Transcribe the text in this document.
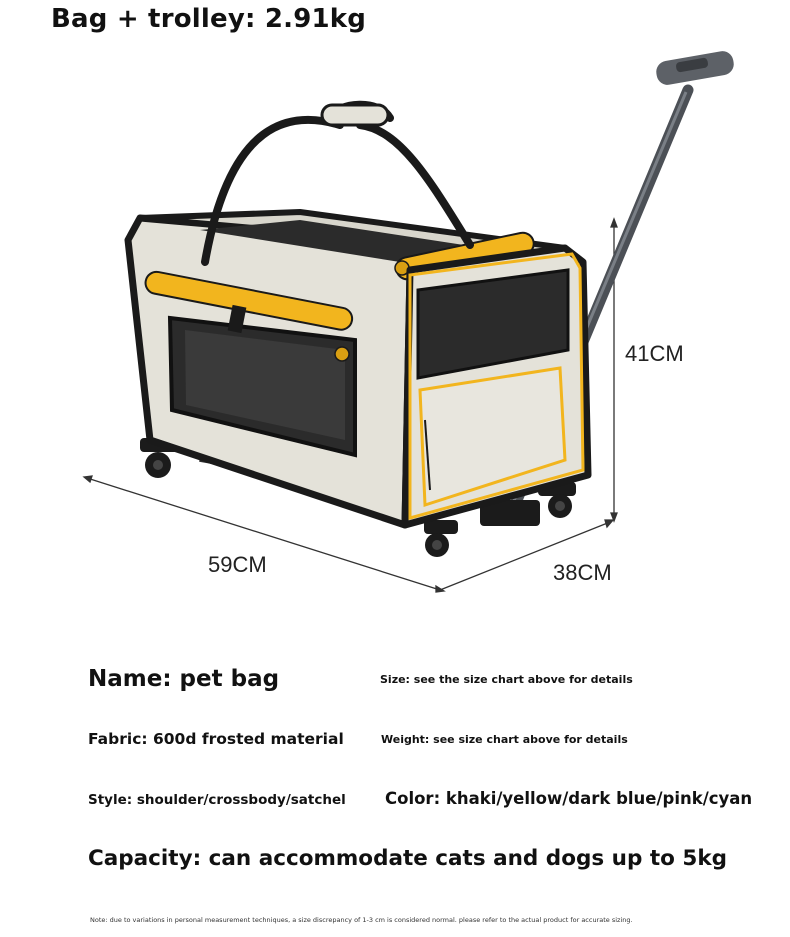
Bag + trolley: 2.91kg
41CM
59CM	38CM
Name: pet bag	Size: see the size chart above for details
Fabric: 600d frosted material	Weight: see size chart above for details
Style: shoulder/crossbody/satchel Color: khaki/yellow/dark blue/pink/cyan
Capacity: can accommodate cats and dogs up to 5kg
Note: due to variations in personal measurement techniques, a size discrepancy of 1-3 cm is considered normal. please refer to the actual product for accurate sizing.
